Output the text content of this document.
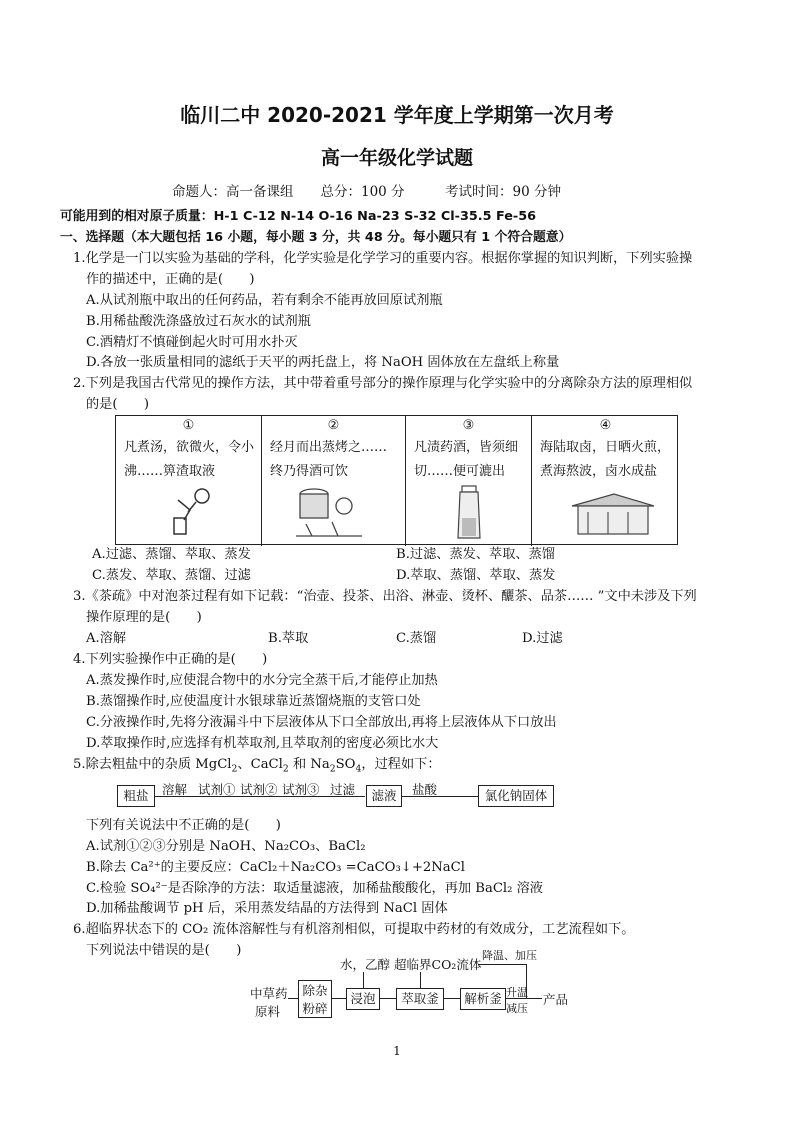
临川二中 2020-2021 学年度上学期第一次月考
高一年级化学试题
命题人：高一备课组　　总分：100 分　　　考试时间：90 分钟
可能用到的相对原子质量：H-1 C-12 N-14 O-16 Na-23 S-32 Cl-35.5 Fe-56
一、选择题（本大题包括 16 小题，每小题 3 分，共 48 分。每小题只有 1 个符合题意）
1.化学是一门以实验为基础的学科，化学实验是化学学习的重要内容。根据你掌握的知识判断，下列实验操
作的描述中，正确的是(　　)
A.从试剂瓶中取出的任何药品，若有剩余不能再放回原试剂瓶
B.用稀盐酸洗涤盛放过石灰水的试剂瓶
C.酒精灯不慎碰倒起火时可用水扑灭
D.各放一张质量相同的滤纸于天平的两托盘上，将 NaOH 固体放在左盘纸上称量
2.下列是我国古代常见的操作方法，其中带着重号部分的操作原理与化学实验中的分离除杂方法的原理相似
的是(　　)
①
凡煮汤，欲微火，令小沸……箅渣取液
②
经月而出蒸烤之……终乃得酒可饮
③
凡渍药酒，皆须细切……便可漉出
④
海陆取卤，日晒火煎，煮海熬波，卤水成盐
A.过滤、蒸馏、萃取、蒸发	B.过滤、蒸发、萃取、蒸馏
C.蒸发、萃取、蒸馏、过滤	D.萃取、蒸馏、萃取、蒸发
3.《茶疏》中对泡茶过程有如下记载：“治壶、投茶、出浴、淋壶、烫杯、釃茶、品茶…… ”文中未涉及下列
操作原理的是(　　)
A.溶解	B.萃取	C.蒸馏	D.过滤
4.下列实验操作中正确的是(　　)
A.蒸发操作时,应使混合物中的水分完全蒸干后,才能停止加热
B.蒸馏操作时,应使温度计水银球靠近蒸馏烧瓶的支管口处
C.分液操作时,先将分液漏斗中下层液体从下口全部放出,再将上层液体从下口放出
D.萃取操作时,应选择有机萃取剂,且萃取剂的密度必须比水大
5.除去粗盐中的杂质 MgCl$_2$、CaCl$_2$ 和 $Na_2SO_4$，过程如下：
粗盐	溶解 试剂① 试剂② 试剂③ 过滤	滤液	盐酸	氯化钠固体
下列有关说法中不正确的是(　　)
A.试剂①②③分别是 NaOH、Na₂CO₃、BaCl₂
B.除去 Ca²⁺的主要反应：CaCl₂＋Na₂CO₃ =CaCO₃↓+2NaCl
C.检验 SO₄²⁻是否除净的方法：取适量滤液，加稀盐酸酸化，再加 BaCl₂ 溶液
D.加稀盐酸调节 pH 后，采用蒸发结晶的方法得到 NaCl 固体
6.超临界状态下的 CO₂ 流体溶解性与有机溶剂相似，可提取中药材的有效成分，工艺流程如下。
下列说法中错误的是(　　)
中草药
原料
除杂
粉碎
浸泡	萃取釜	解析釜 升温
减压
产品
水，乙醇 超临界CO₂流体
降温、加压
1
